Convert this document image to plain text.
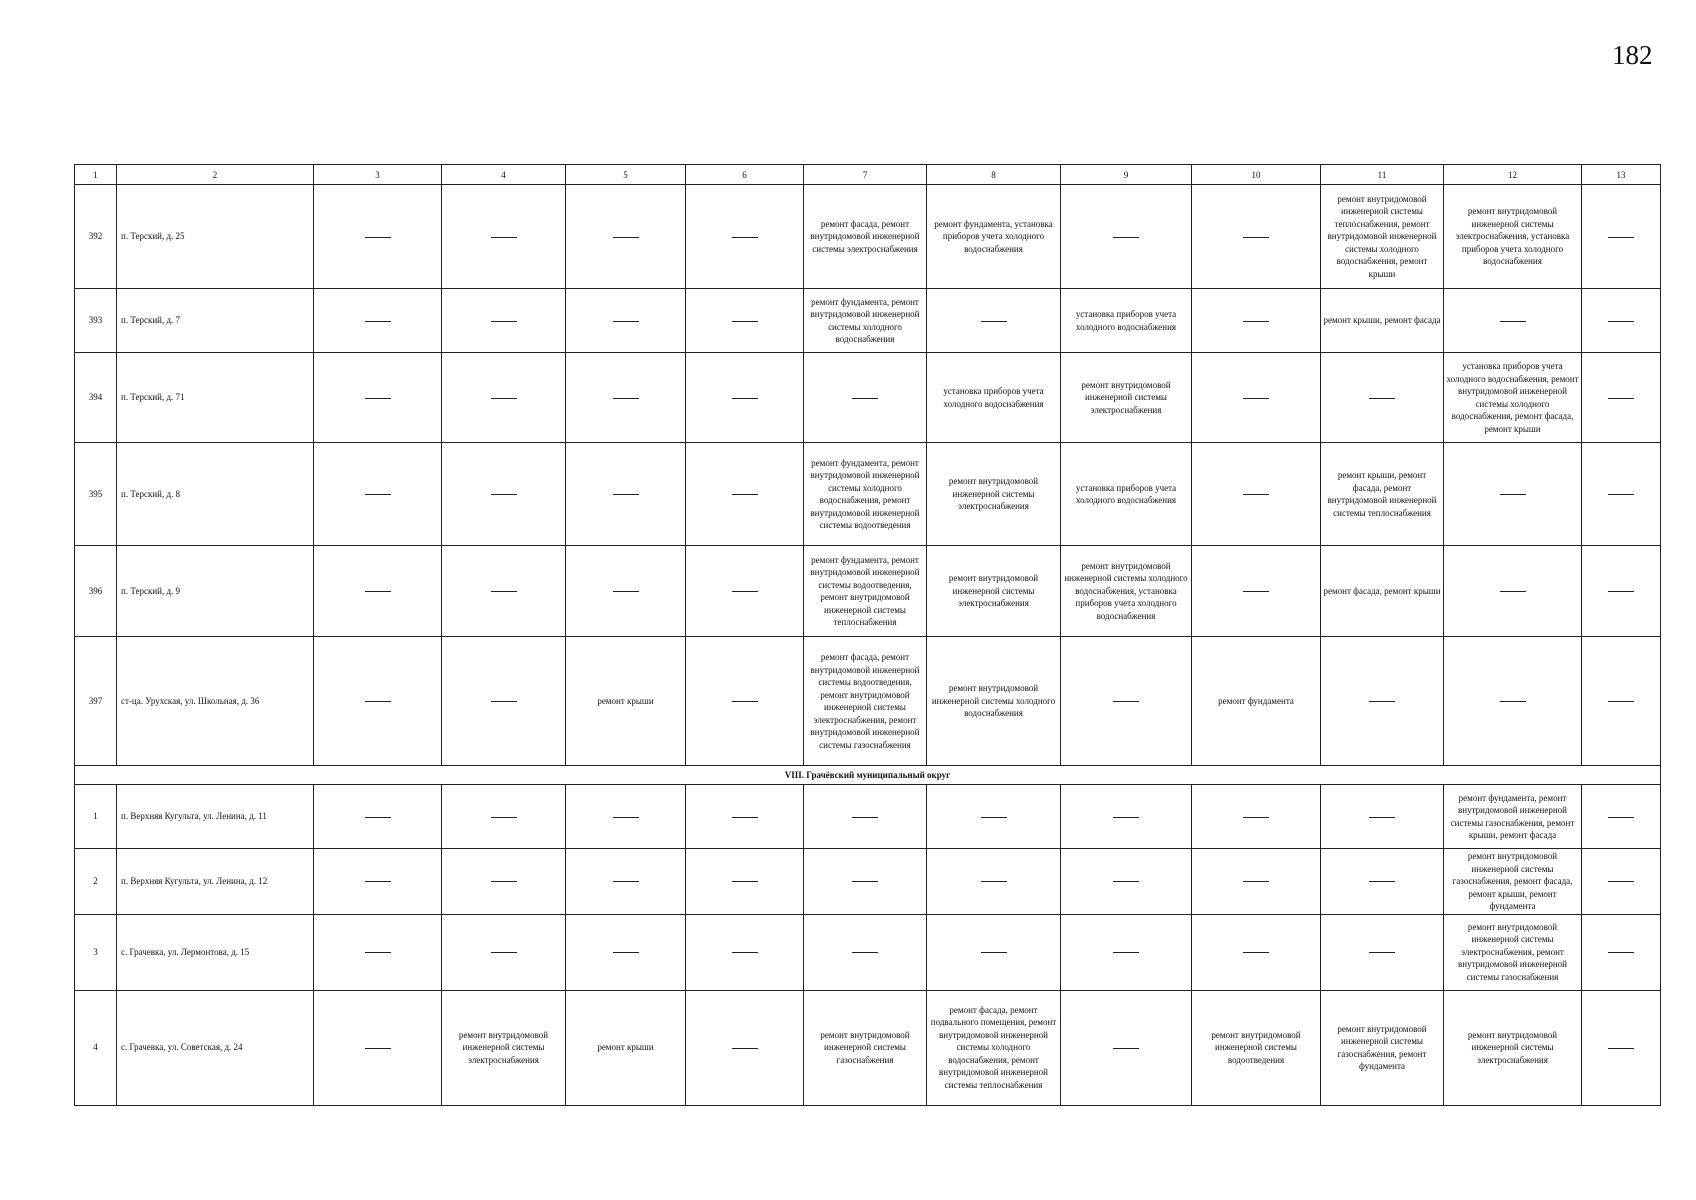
182
1	2	3	4	5	6	7	8	9	10	11	12	13
392	п. Терский, д. 25					ремонт фасада, ремонт внутридомовой инженерной системы электроснабжения	ремонт фундамента, установка приборов учета холодного водоснабжения			ремонт внутридомовой инженерной системы теплоснабжения, ремонт внутридомовой инженерной системы холодного водоснабжения, ремонт крыши	ремонт внутридомовой инженерной системы электроснабжения, установка приборов учета холодного водоснабжения	
393	п. Терский, д. 7					ремонт фундамента, ремонт внутридомовой инженерной системы холодного водоснабжения		установка приборов учета холодного водоснабжения		ремонт крыши, ремонт фасада		
394	п. Терский, д. 71						установка приборов учета холодного водоснабжения	ремонт внутридомовой инженерной системы электроснабжения			установка приборов учета холодного водоснабжения, ремонт внутридомовой инженерной системы холодного водоснабжения, ремонт фасада, ремонт крыши	
395	п. Терский, д. 8					ремонт фундамента, ремонт внутридомовой инженерной системы холодного водоснабжения, ремонт внутридомовой инженерной системы водоотведения	ремонт внутридомовой инженерной системы электроснабжения	установка приборов учета холодного водоснабжения		ремонт крыши, ремонт фасада, ремонт внутридомовой инженерной системы теплоснабжения		
396	п. Терский, д. 9					ремонт фундамента, ремонт внутридомовой инженерной системы водоотведения, ремонт внутридомовой инженерной системы теплоснабжения	ремонт внутридомовой инженерной системы электроснабжения	ремонт внутридомовой инженерной системы холодного водоснабжения, установка приборов учета холодного водоснабжения		ремонт фасада, ремонт крыши		
397	ст-ца. Урухская, ул. Школьная, д. 36			ремонт крыши		ремонт фасада, ремонт внутридомовой инженерной системы водоотведения, ремонт внутридомовой инженерной системы электроснабжения, ремонт внутридомовой инженерной системы газоснабжения	ремонт внутридомовой инженерной системы холодного водоснабжения		ремонт фундамента			
VIII. Грачёвский муниципальный округ												
1	п. Верхняя Кугульта, ул. Ленина, д. 11										ремонт фундамента, ремонт внутридомовой инженерной системы газоснабжения, ремонт крыши, ремонт фасада	
2	п. Верхняя Кугульта, ул. Ленина, д. 12										ремонт внутридомовой инженерной системы газоснабжения, ремонт фасада, ремонт крыши, ремонт фундамента	
3	с. Грачевка, ул. Лермонтова, д. 15										ремонт внутридомовой инженерной системы электроснабжения, ремонт внутридомовой инженерной системы газоснабжения	
4	с. Грачевка, ул. Советская, д. 24		ремонт внутридомовой инженерной системы электроснабжения	ремонт крыши		ремонт внутридомовой инженерной системы газоснабжения	ремонт фасада, ремонт подвального помещения, ремонт внутридомовой инженерной системы холодного водоснабжения, ремонт внутридомовой инженерной системы теплоснабжения		ремонт внутридомовой инженерной системы водоотведения	ремонт внутридомовой инженерной системы газоснабжения, ремонт фундамента	ремонт внутридомовой инженерной системы электроснабжения	
